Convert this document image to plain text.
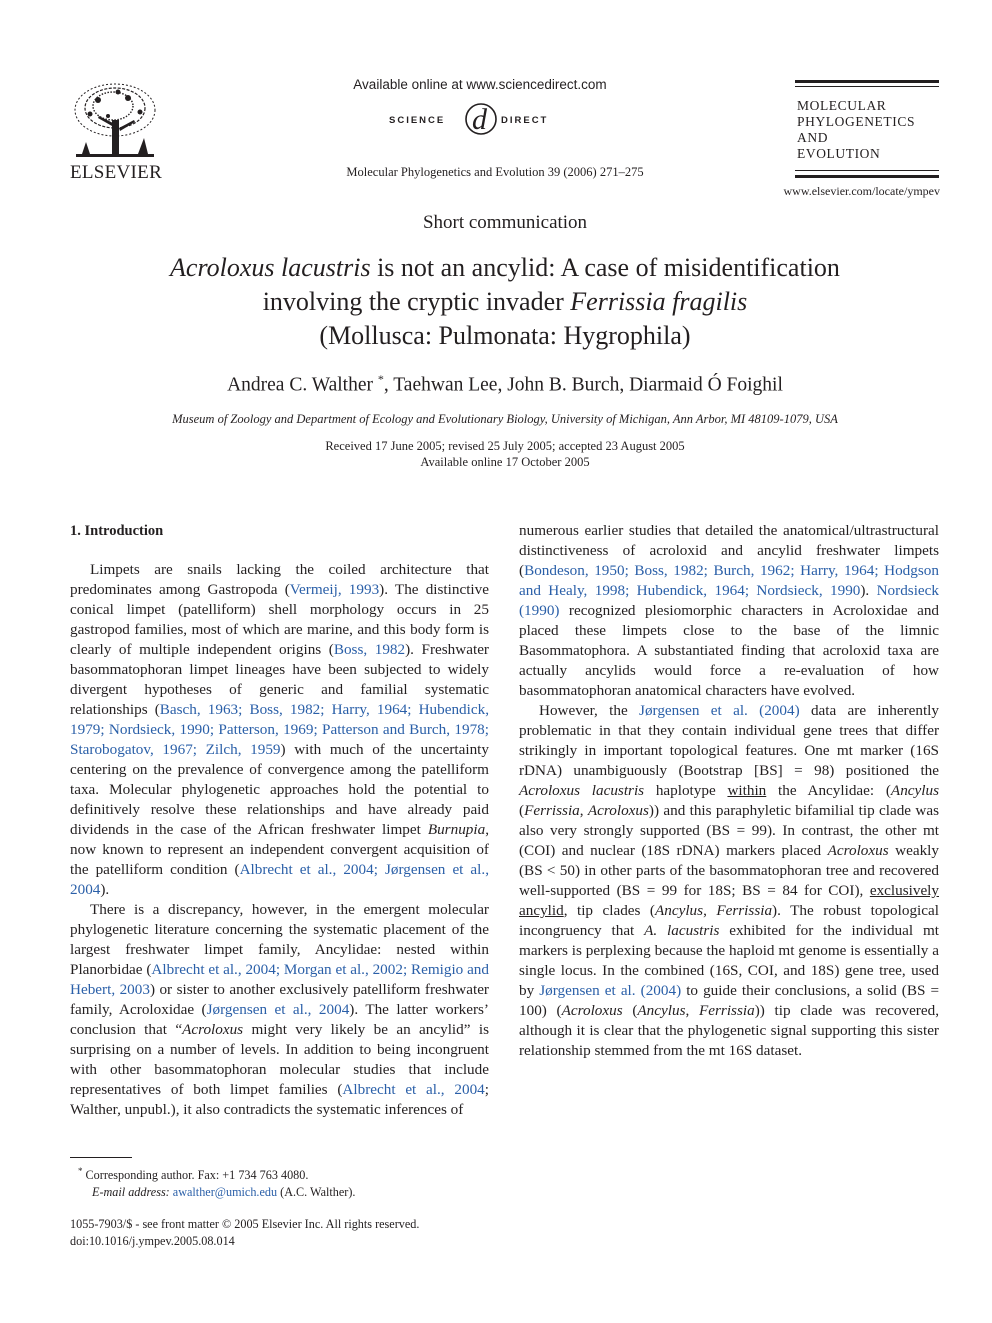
ELSEVIER
Available online at www.sciencedirect.com
SCIENCE d DIRECT
Molecular Phylogenetics and Evolution 39 (2006) 271–275
MOLECULAR
PHYLOGENETICS
AND
EVOLUTION
www.elsevier.com/locate/ympev
Short communication
Acroloxus lacustris is not an ancylid: A case of misidentification
involving the cryptic invader Ferrissia fragilis
(Mollusca: Pulmonata: Hygrophila)
Andrea C. Walther *, Taehwan Lee, John B. Burch, Diarmaid Ó Foighil
Museum of Zoology and Department of Ecology and Evolutionary Biology, University of Michigan, Ann Arbor, MI 48109-1079, USA
Received 17 June 2005; revised 25 July 2005; accepted 23 August 2005
Available online 17 October 2005

1. Introduction

Limpets are snails lacking the coiled architecture that predominates among Gastropoda (Vermeij, 1993). The distinctive conical limpet (patelliform) shell morphology occurs in 25 gastropod families, most of which are marine, and this body form is clearly of multiple independent origins (Boss, 1982). Freshwater basommatophoran limpet lineages have been subjected to widely divergent hypotheses of generic and familial systematic relationships (Basch, 1963; Boss, 1982; Harry, 1964; Hubendick, 1979; Nordsieck, 1990; Patterson, 1969; Patterson and Burch, 1978; Starobogatov, 1967; Zilch, 1959) with much of the uncertainty centering on the prevalence of convergence among the patelliform taxa. Molecular phylogenetic approaches hold the potential to definitively resolve these relationships and have already paid dividends in the case of the African freshwater limpet Burnupia, now known to represent an independent convergent acquisition of the patelliform condition (Albrecht et al., 2004; Jørgensen et al., 2004).

There is a discrepancy, however, in the emergent molecular phylogenetic literature concerning the systematic placement of the largest freshwater limpet family, Ancylidae: nested within Planorbidae (Albrecht et al., 2004; Morgan et al., 2002; Remigio and Hebert, 2003) or sister to another exclusively patelliform freshwater family, Acroloxidae (Jørgensen et al., 2004). The latter workers’ conclusion that “Acroloxus might very likely be an ancylid” is surprising on a number of levels. In addition to being incongruent with other basommatophoran molecular studies that include representatives of both limpet families (Albrecht et al., 2004; Walther, unpubl.), it also contradicts the systematic inferences of

numerous earlier studies that detailed the anatomical/ultrastructural distinctiveness of acroloxid and ancylid freshwater limpets (Bondeson, 1950; Boss, 1982; Burch, 1962; Harry, 1964; Hodgson and Healy, 1998; Hubendick, 1964; Nordsieck, 1990). Nordsieck (1990) recognized plesiomorphic characters in Acroloxidae and placed these limpets close to the base of the limnic Basommatophora. A substantiated finding that acroloxid taxa are actually ancylids would force a re-evaluation of how basommatophoran anatomical characters have evolved.

However, the Jørgensen et al. (2004) data are inherently problematic in that they contain individual gene trees that differ strikingly in important topological features. One mt marker (16S rDNA) unambiguously (Bootstrap [BS] = 98) positioned the Acroloxus lacustris haplotype within the Ancylidae: (Ancylus (Ferrissia, Acroloxus)) and this paraphyletic bifamilial tip clade was also very strongly supported (BS = 99). In contrast, the other mt (COI) and nuclear (18S rDNA) markers placed Acroloxus weakly (BS < 50) in other parts of the basommatophoran tree and recovered well-supported (BS = 99 for 18S; BS = 84 for COI), exclusively ancylid, tip clades (Ancylus, Ferrissia). The robust topological incongruency that A. lacustris exhibited for the individual mt markers is perplexing because the haploid mt genome is essentially a single locus. In the combined (16S, COI, and 18S) gene tree, used by Jørgensen et al. (2004) to guide their conclusions, a solid (BS = 100) (Acroloxus (Ancylus, Ferrissia)) tip clade was recovered, although it is clear that the phylogenetic signal supporting this sister relationship stemmed from the mt 16S dataset.

* Corresponding author. Fax: +1 734 763 4080.
E-mail address: awalther@umich.edu (A.C. Walther).
1055-7903/$ - see front matter © 2005 Elsevier Inc. All rights reserved.
doi:10.1016/j.ympev.2005.08.014
